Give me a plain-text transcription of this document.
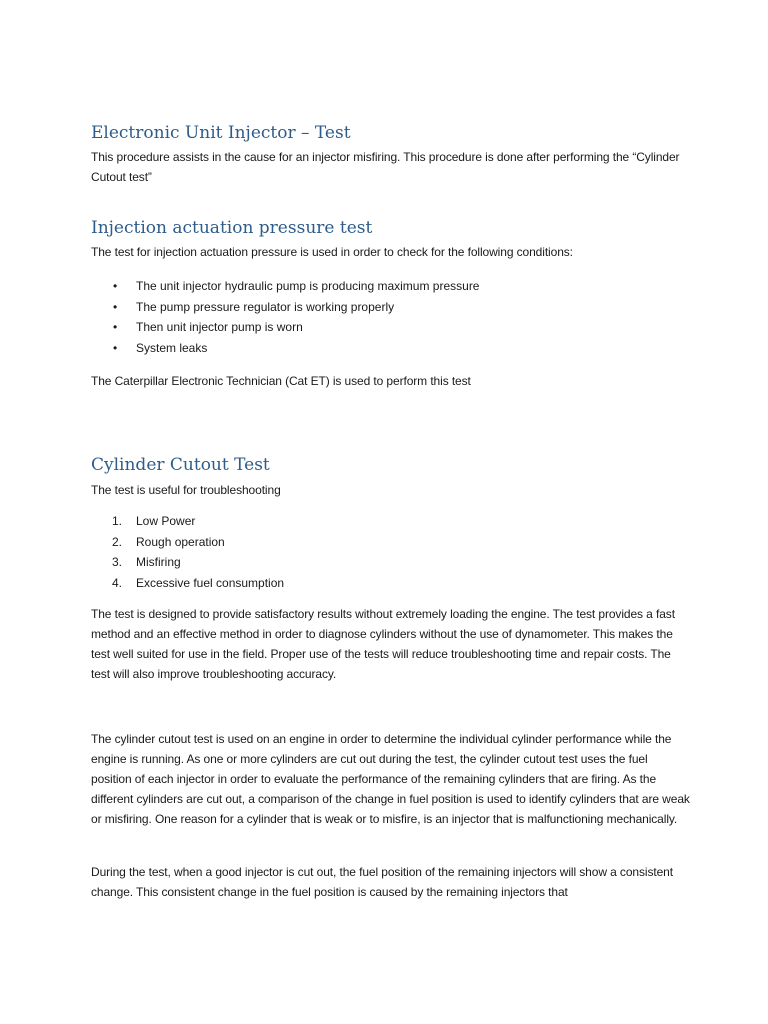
Electronic Unit Injector – Test

This procedure assists in the cause for an injector misfiring. This procedure is done after performing the “Cylinder Cutout test”

Injection actuation pressure test

The test for injection actuation pressure is used in order to check for the following conditions:

• The unit injector hydraulic pump is producing maximum pressure
• The pump pressure regulator is working properly
• Then unit injector pump is worn
• System leaks

The Caterpillar Electronic Technician (Cat ET) is used to perform this test

Cylinder Cutout Test

The test is useful for troubleshooting

1. Low Power
2. Rough operation
3. Misfiring
4. Excessive fuel consumption

The test is designed to provide satisfactory results without extremely loading the engine. The test provides a fast method and an effective method in order to diagnose cylinders without the use of dynamometer. This makes the test well suited for use in the field. Proper use of the tests will reduce troubleshooting time and repair costs. The test will also improve troubleshooting accuracy.

The cylinder cutout test is used on an engine in order to determine the individual cylinder performance while the engine is running. As one or more cylinders are cut out during the test, the cylinder cutout test uses the fuel position of each injector in order to evaluate the performance of the remaining cylinders that are firing. As the different cylinders are cut out, a comparison of the change in fuel position is used to identify cylinders that are weak or misfiring. One reason for a cylinder that is weak or to misfire, is an injector that is malfunctioning mechanically.

During the test, when a good injector is cut out, the fuel position of the remaining injectors will show a consistent change. This consistent change in the fuel position is caused by the remaining injectors that
